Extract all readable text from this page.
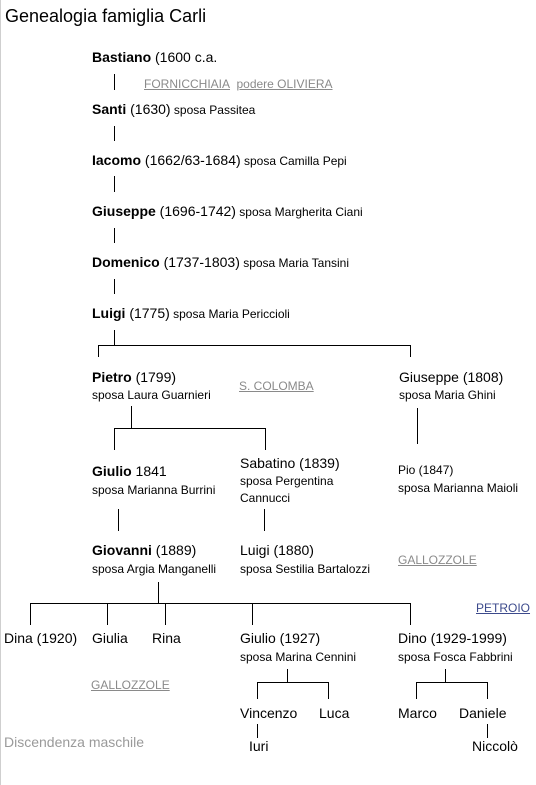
Genealogia famiglia Carli
Bastiano (1600 c.a.
FORNICCHIAIA podere OLIVIERA
Santi (1630) sposa Passitea
Iacomo (1662/63-1684) sposa Camilla Pepi
Giuseppe (1696-1742) sposa Margherita Ciani
Domenico (1737-1803) sposa Maria Tansini
Luigi (1775) sposa Maria Periccioli
Pietro (1799)
sposa Laura Guarnieri
S. COLOMBA
Giuseppe (1808)
sposa Maria Ghini
Giulio 1841
sposa Marianna Burrini
Sabatino (1839)
sposa Pergentina
Cannucci
Pio (1847)
sposa Marianna Maioli
Giovanni (1889)
sposa Argia Manganelli
Luigi (1880)
sposa Sestilia Bartalozzi
GALLOZZOLE
PETROIO
Dina (1920) Giulia Rina	Giulio (1927)
sposa Marina Cennini
Dino (1929-1999)
sposa Fosca Fabbrini
GALLOZZOLE
Vincenzo Luca	Marco Daniele
Discendenza maschile	Iuri	Niccolò
